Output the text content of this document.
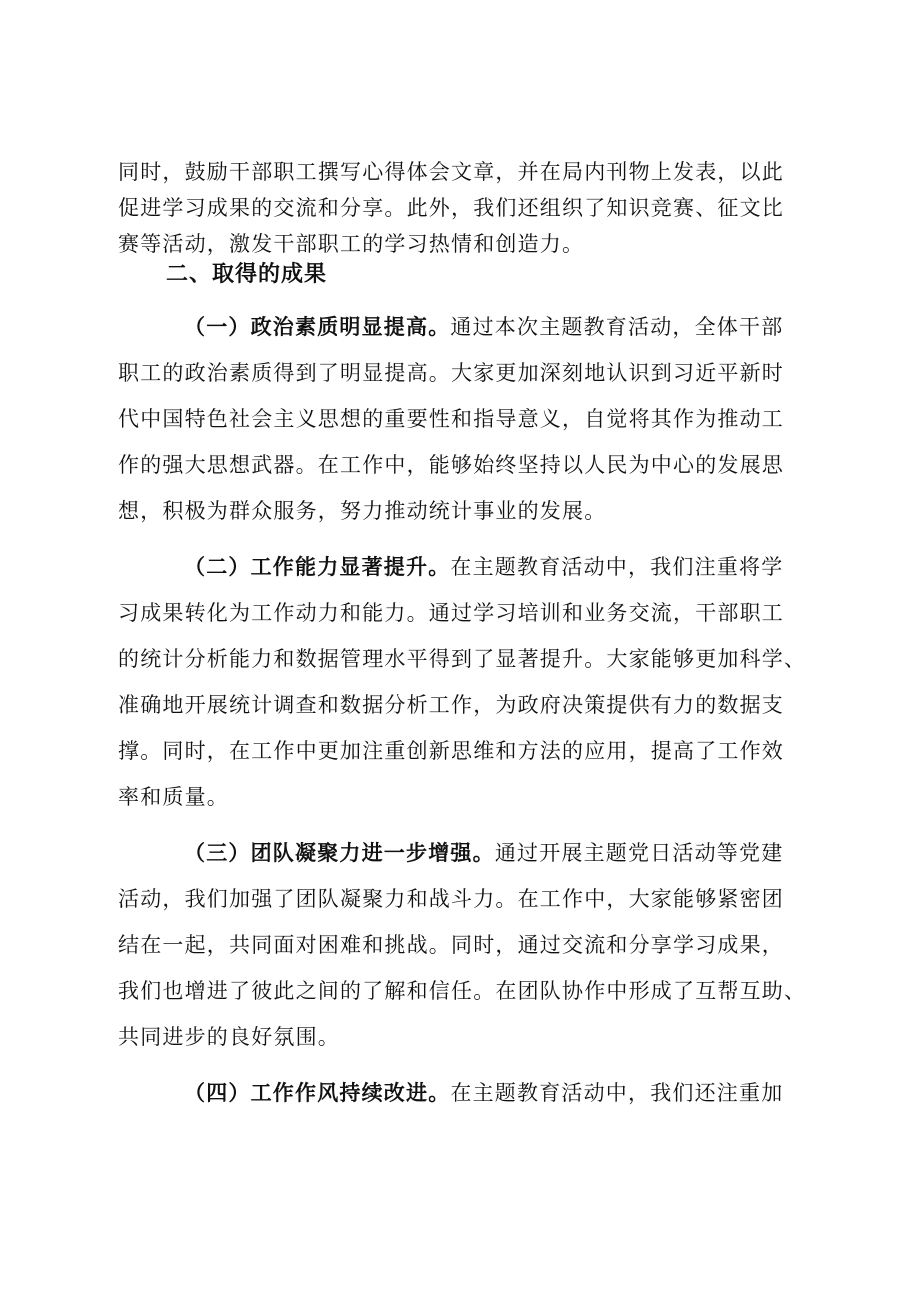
同时，鼓励干部职工撰写心得体会文章，并在局内刊物上发表，以此
促进学习成果的交流和分享。此外，我们还组织了知识竞赛、征文比
赛等活动，激发干部职工的学习热情和创造力。
二、取得的成果
（一）政治素质明显提高。通过本次主题教育活动，全体干部
职工的政治素质得到了明显提高。大家更加深刻地认识到习近平新时
代中国特色社会主义思想的重要性和指导意义，自觉将其作为推动工
作的强大思想武器。在工作中，能够始终坚持以人民为中心的发展思
想，积极为群众服务，努力推动统计事业的发展。
（二）工作能力显著提升。在主题教育活动中，我们注重将学
习成果转化为工作动力和能力。通过学习培训和业务交流，干部职工
的统计分析能力和数据管理水平得到了显著提升。大家能够更加科学、
准确地开展统计调查和数据分析工作，为政府决策提供有力的数据支
撑。同时，在工作中更加注重创新思维和方法的应用，提高了工作效
率和质量。
（三）团队凝聚力进一步增强。通过开展主题党日活动等党建
活动，我们加强了团队凝聚力和战斗力。在工作中，大家能够紧密团
结在一起，共同面对困难和挑战。同时，通过交流和分享学习成果，
我们也增进了彼此之间的了解和信任。在团队协作中形成了互帮互助、
共同进步的良好氛围。
（四）工作作风持续改进。在主题教育活动中，我们还注重加
